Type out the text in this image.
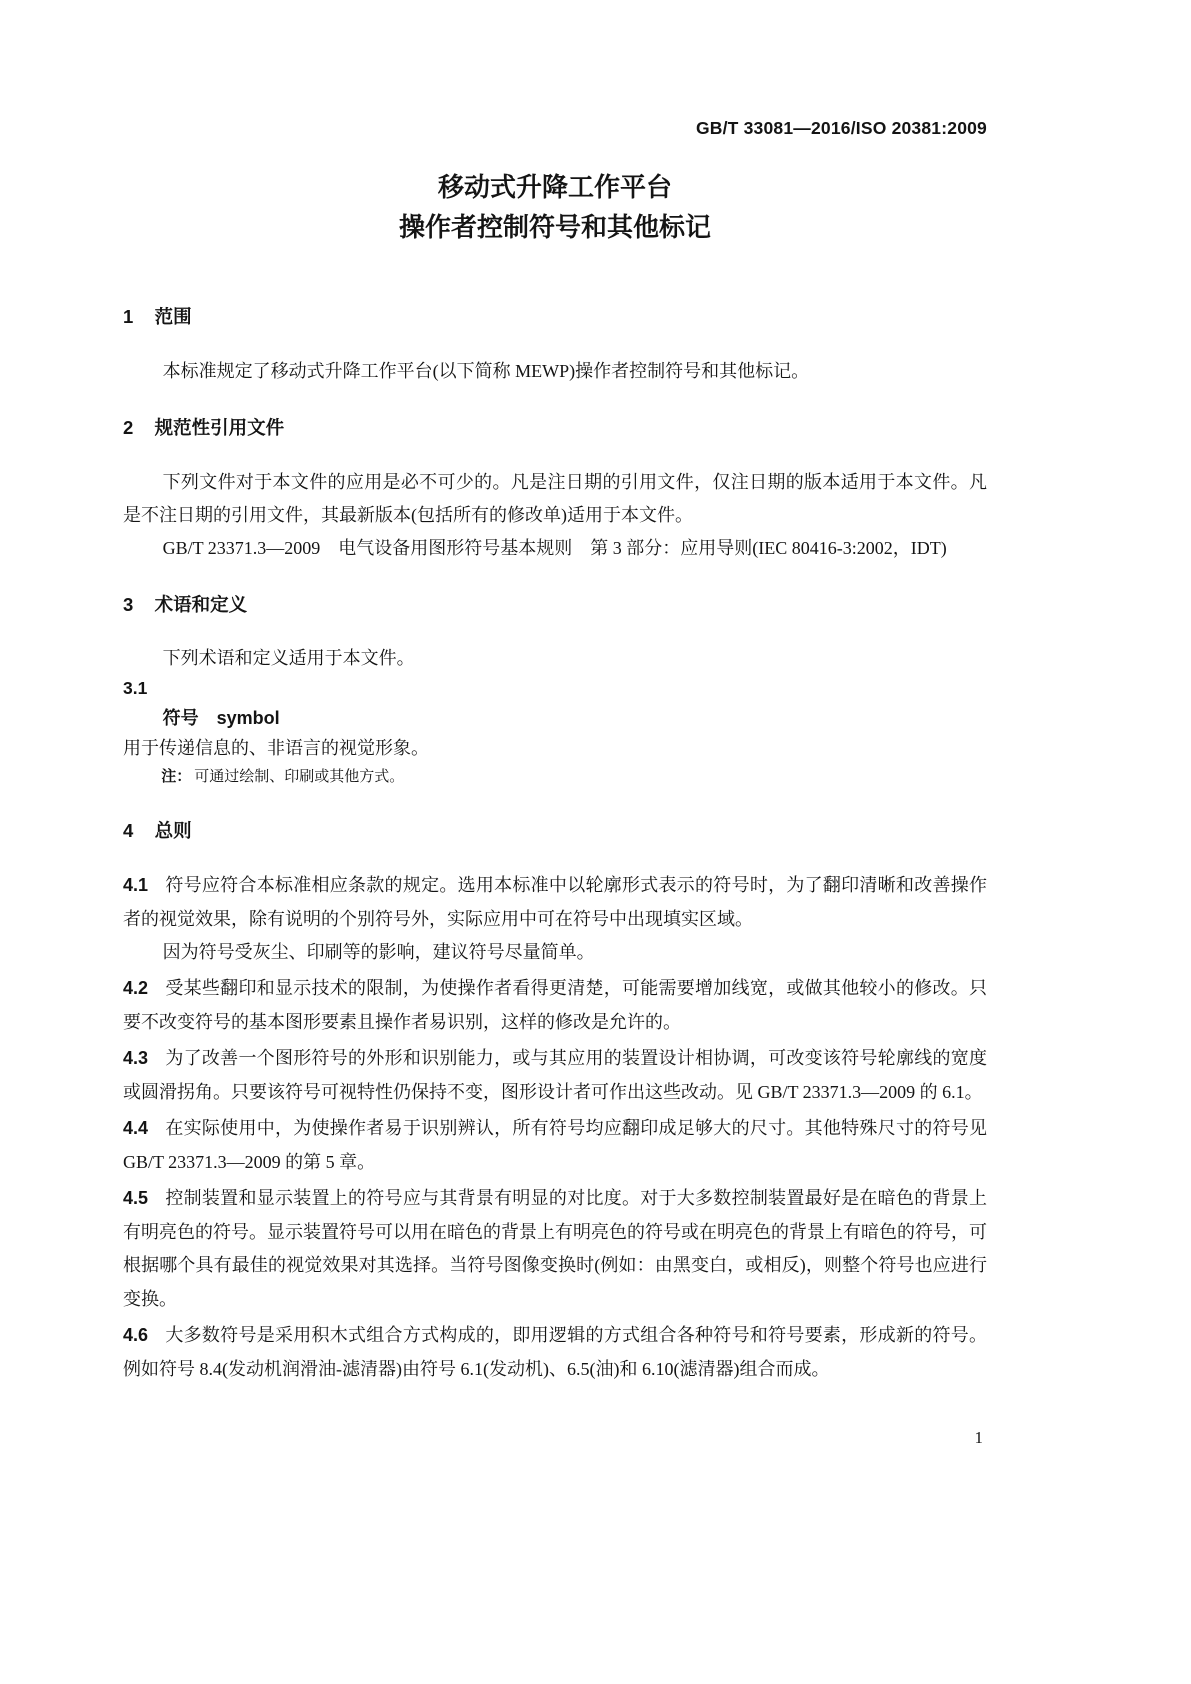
GB/T 33081—2016/ISO 20381:2009
移动式升降工作平台
操作者控制符号和其他标记
1 范围

本标准规定了移动式升降工作平台(以下简称 MEWP)操作者控制符号和其他标记。

2 规范性引用文件

下列文件对于本文件的应用是必不可少的。凡是注日期的引用文件，仅注日期的版本适用于本文件。凡是不注日期的引用文件，其最新版本(包括所有的修改单)适用于本文件。

GB/T 23371.3—2009　电气设备用图形符号基本规则　第 3 部分：应用导则(IEC 80416-3:2002，IDT)

3 术语和定义

下列术语和定义适用于本文件。

3.1

符号 symbol

用于传递信息的、非语言的视觉形象。

注： 可通过绘制、印刷或其他方式。

4 总则

4.1 符号应符合本标准相应条款的规定。选用本标准中以轮廓形式表示的符号时，为了翻印清晰和改善操作者的视觉效果，除有说明的个别符号外，实际应用中可在符号中出现填实区域。

因为符号受灰尘、印刷等的影响，建议符号尽量简单。

4.2 受某些翻印和显示技术的限制，为使操作者看得更清楚，可能需要增加线宽，或做其他较小的修改。只要不改变符号的基本图形要素且操作者易识别，这样的修改是允许的。

4.3 为了改善一个图形符号的外形和识别能力，或与其应用的装置设计相协调，可改变该符号轮廓线的宽度或圆滑拐角。只要该符号可视特性仍保持不变，图形设计者可作出这些改动。见 GB/T 23371.3—2009 的 6.1。

4.4 在实际使用中，为使操作者易于识别辨认，所有符号均应翻印成足够大的尺寸。其他特殊尺寸的符号见 GB/T 23371.3—2009 的第 5 章。

4.5 控制装置和显示装置上的符号应与其背景有明显的对比度。对于大多数控制装置最好是在暗色的背景上有明亮色的符号。显示装置符号可以用在暗色的背景上有明亮色的符号或在明亮色的背景上有暗色的符号，可根据哪个具有最佳的视觉效果对其选择。当符号图像变换时(例如：由黑变白，或相反)，则整个符号也应进行变换。

4.6 大多数符号是采用积木式组合方式构成的，即用逻辑的方式组合各种符号和符号要素，形成新的符号。例如符号 8.4(发动机润滑油-滤清器)由符号 6.1(发动机)、6.5(油)和 6.10(滤清器)组合而成。

1
